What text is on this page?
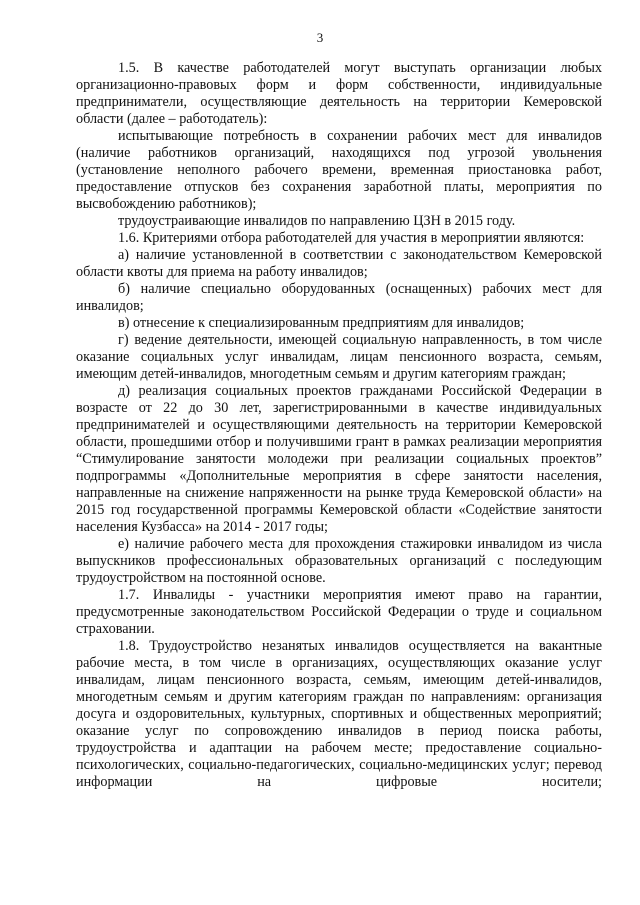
3

1.5. В качестве работодателей могут выступать организации любых организационно-правовых форм и форм собственности, индивидуальные предприниматели, осуществляющие деятельность на территории Кемеровской области (далее – работодатель):

испытывающие потребность в сохранении рабочих мест для инвалидов (наличие работников организаций, находящихся под угрозой увольнения (установление неполного рабочего времени, временная приостановка работ, предоставление отпусков без сохранения заработной платы, мероприятия по высвобождению работников);

трудоустраивающие инвалидов по направлению ЦЗН в 2015 году.

1.6. Критериями отбора работодателей для участия в мероприятии являются:

а) наличие установленной в соответствии с законодательством Кемеровской области квоты для приема на работу инвалидов;

б) наличие специально оборудованных (оснащенных) рабочих мест для инвалидов;

в) отнесение к специализированным предприятиям для инвалидов;

г) ведение деятельности, имеющей социальную направленность, в том числе оказание социальных услуг инвалидам, лицам пенсионного возраста, семьям, имеющим детей-инвалидов, многодетным семьям и другим категориям граждан;

д) реализация социальных проектов гражданами Российской Федерации в возрасте от 22 до 30 лет, зарегистрированными в качестве индивидуальных предпринимателей и осуществляющими деятельность на территории Кемеровской области, прошедшими отбор и получившими грант в рамках реализации мероприятия “Стимулирование занятости молодежи при реализации социальных проектов” подпрограммы «Дополнительные мероприятия в сфере занятости населения, направленные на снижение напряженности на рынке труда Кемеровской области» на 2015 год государственной программы Кемеровской области «Содействие занятости населения Кузбасса» на 2014 - 2017 годы;

е) наличие рабочего места для прохождения стажировки инвалидом из числа выпускников профессиональных образовательных организаций с последующим трудоустройством на постоянной основе.

1.7. Инвалиды - участники мероприятия имеют право на гарантии, предусмотренные законодательством Российской Федерации о труде и социальном страховании.

1.8. Трудоустройство незанятых инвалидов осуществляется на вакантные рабочие места, в том числе в организациях, осуществляющих оказание услуг инвалидам, лицам пенсионного возраста, семьям, имеющим детей-инвалидов, многодетным семьям и другим категориям граждан по направлениям: организация досуга и оздоровительных, культурных, спортивных и общественных мероприятий; оказание услуг по сопровождению инвалидов в период поиска работы, трудоустройства и адаптации на рабочем месте; предоставление социально-психологических, социально-педагогических, социально-медицинских услуг; перевод информации на цифровые носители;
